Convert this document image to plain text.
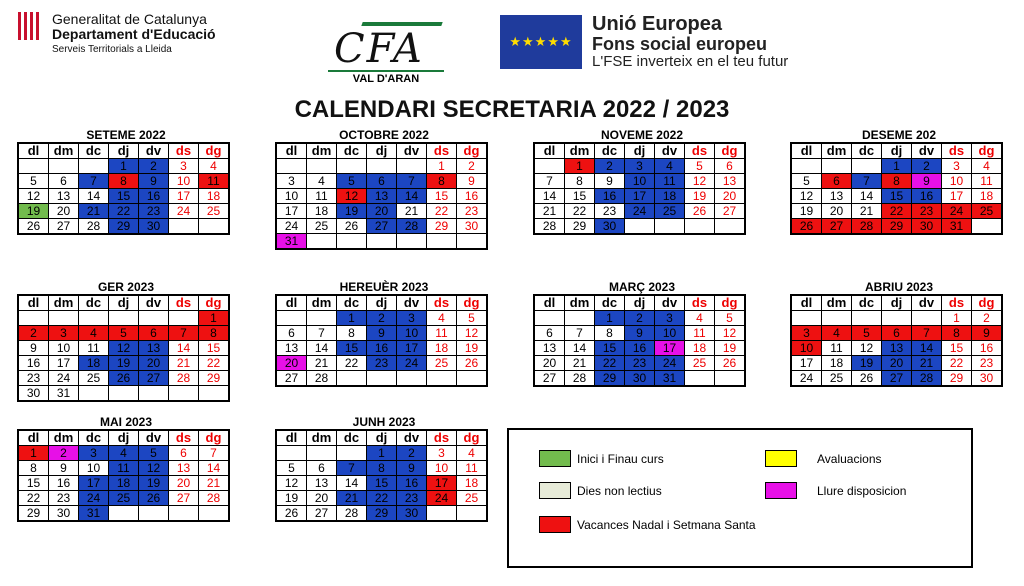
Generalitat de Catalunya
Departament d'Educació
Serveis Territorials a Lleida	CFA
VAL D'ARAN
★★★★★
Unió Europea
Fons social europeu
L'FSE inverteix en el teu futur
CALENDARI SECRETARIA 2022 / 2023
SETEME 2022
dl	dm	dc	dj	dv	ds	dg
			1	2	3	4
5	6	7	8	9	10	11
12	13	14	15	16	17	18
19	20	21	22	23	24	25
26	27	28	29	30		
OCTOBRE 2022
dl	dm	dc	dj	dv	ds	dg
					1	2
3	4	5	6	7	8	9
10	11	12	13	14	15	16
17	18	19	20	21	22	23
24	25	26	27	28	29	30
31						
NOVEME 2022
dl	dm	dc	dj	dv	ds	dg
	1	2	3	4	5	6
7	8	9	10	11	12	13
14	15	16	17	18	19	20
21	22	23	24	25	26	27
28	29	30				
DESEME 202
dl	dm	dc	dj	dv	ds	dg
			1	2	3	4
5	6	7	8	9	10	11
12	13	14	15	16	17	18
19	20	21	22	23	24	25
26	27	28	29	30	31	
GER 2023
dl	dm	dc	dj	dv	ds	dg
						1
2	3	4	5	6	7	8
9	10	11	12	13	14	15
16	17	18	19	20	21	22
23	24	25	26	27	28	29
30	31					
HEREUÈR 2023
dl	dm	dc	dj	dv	ds	dg
		1	2	3	4	5
6	7	8	9	10	11	12
13	14	15	16	17	18	19
20	21	22	23	24	25	26
27	28					
MARÇ 2023
dl	dm	dc	dj	dv	ds	dg
		1	2	3	4	5
6	7	8	9	10	11	12
13	14	15	16	17	18	19
20	21	22	23	24	25	26
27	28	29	30	31		
ABRIU 2023
dl	dm	dc	dj	dv	ds	dg
					1	2
3	4	5	6	7	8	9
10	11	12	13	14	15	16
17	18	19	20	21	22	23
24	25	26	27	28	29	30
MAI 2023
dl	dm	dc	dj	dv	ds	dg
1	2	3	4	5	6	7
8	9	10	11	12	13	14
15	16	17	18	19	20	21
22	23	24	25	26	27	28
29	30	31				
JUNH 2023
dl	dm	dc	dj	dv	ds	dg
			1	2	3	4
5	6	7	8	9	10	11
12	13	14	15	16	17	18
19	20	21	22	23	24	25
26	27	28	29	30		
Inici i Finau curs	Avaluacions
Dies non lectius	Llure disposicion
Vacances Nadal i Setmana Santa
